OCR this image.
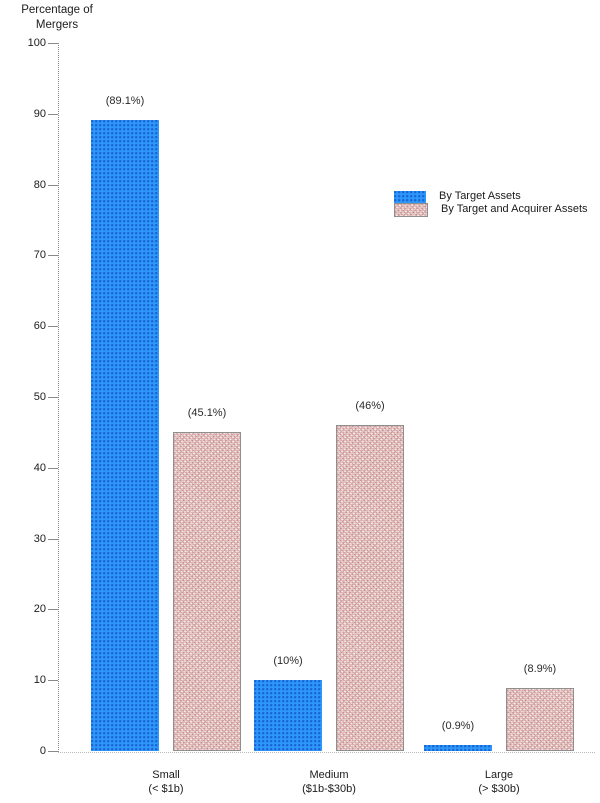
Percentage of
Mergers
0
10
20
30
40
50
60
70
80
90
100
(89.1%)
(10%)
(0.9%)
(45.1%)
(46%)
(8.9%)
Small
(< $1b)
Medium
($1b-$30b)
Large
(> $30b)
By Target Assets
By Target and Acquirer Assets
